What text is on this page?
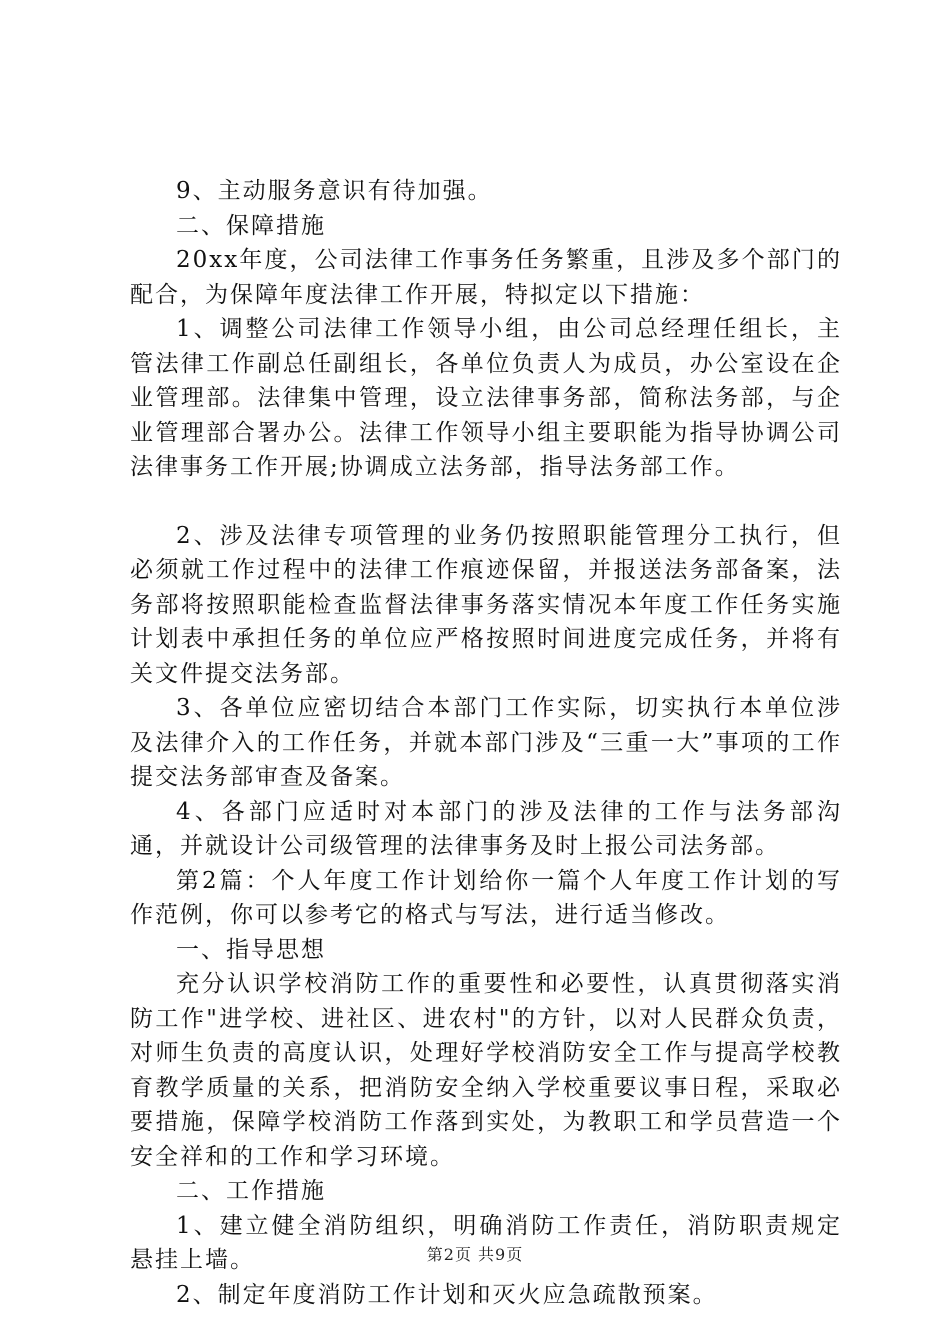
9、主动服务意识有待加强。

二、保障措施

20xx年度，公司法律工作事务任务繁重，且涉及多个部门的配合，为保障年度法律工作开展，特拟定以下措施：

1、调整公司法律工作领导小组，由公司总经理任组长，主管法律工作副总任副组长，各单位负责人为成员，办公室设在企业管理部。法律集中管理，设立法律事务部，简称法务部，与企业管理部合署办公。法律工作领导小组主要职能为指导协调公司法律事务工作开展;协调成立法务部，指导法务部工作。

2、涉及法律专项管理的业务仍按照职能管理分工执行，但必须就工作过程中的法律工作痕迹保留，并报送法务部备案，法务部将按照职能检查监督法律事务落实情况本年度工作任务实施计划表中承担任务的单位应严格按照时间进度完成任务，并将有关文件提交法务部。

3、各单位应密切结合本部门工作实际，切实执行本单位涉及法律介入的工作任务，并就本部门涉及“三重一大”事项的工作提交法务部审查及备案。

4、各部门应适时对本部门的涉及法律的工作与法务部沟通，并就设计公司级管理的法律事务及时上报公司法务部。

第2篇：个人年度工作计划给你一篇个人年度工作计划的写作范例，你可以参考它的格式与写法，进行适当修改。

一、指导思想

充分认识学校消防工作的重要性和必要性，认真贯彻落实消防工作"进学校、进社区、进农村"的方针，以对人民群众负责，对师生负责的高度认识，处理好学校消防安全工作与提高学校教育教学质量的关系，把消防安全纳入学校重要议事日程，采取必要措施，保障学校消防工作落到实处，为教职工和学员营造一个安全祥和的工作和学习环境。

二、工作措施

1、建立健全消防组织，明确消防工作责任，消防职责规定悬挂上墙。

2、制定年度消防工作计划和灭火应急疏散预案。

第2页 共9页
